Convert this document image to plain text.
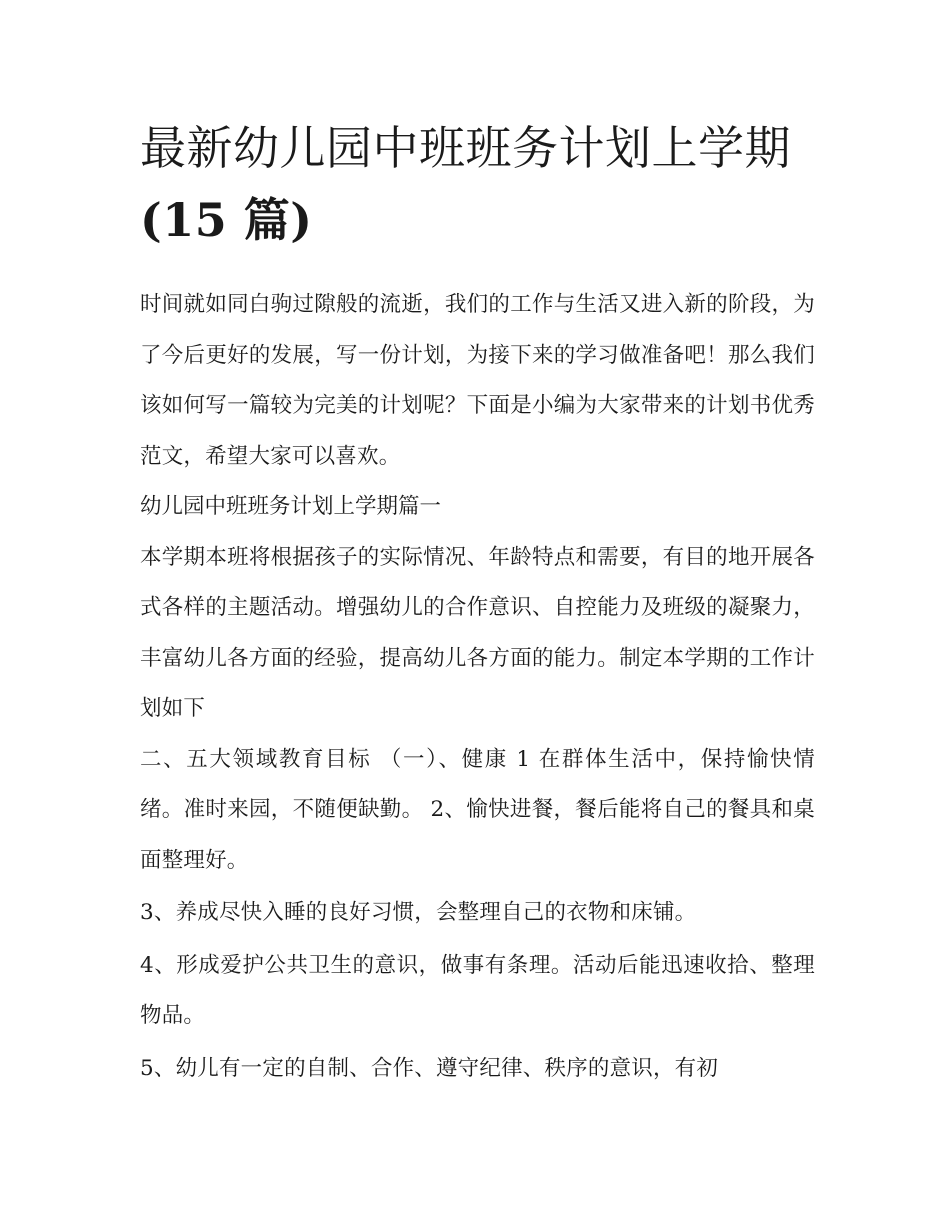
最新幼儿园中班班务计划上学期(15 篇)

时间就如同白驹过隙般的流逝，我们的工作与生活又进入新的阶段，为了今后更好的发展，写一份计划，为接下来的学习做准备吧！那么我们该如何写一篇较为完美的计划呢？下面是小编为大家带来的计划书优秀范文，希望大家可以喜欢。

幼儿园中班班务计划上学期篇一

本学期本班将根据孩子的实际情况、年龄特点和需要，有目的地开展各式各样的主题活动。增强幼儿的合作意识、自控能力及班级的凝聚力，丰富幼儿各方面的经验，提高幼儿各方面的能力。制定本学期的工作计划如下

二、五大领域教育目标 （一）、健康 1 在群体生活中，保持愉快情绪。准时来园，不随便缺勤。 2、愉快进餐，餐后能将自己的餐具和桌面整理好。

3、养成尽快入睡的良好习惯，会整理自己的衣物和床铺。

4、形成爱护公共卫生的意识，做事有条理。活动后能迅速收拾、整理物品。

5、幼儿有一定的自制、合作、遵守纪律、秩序的意识，有初
